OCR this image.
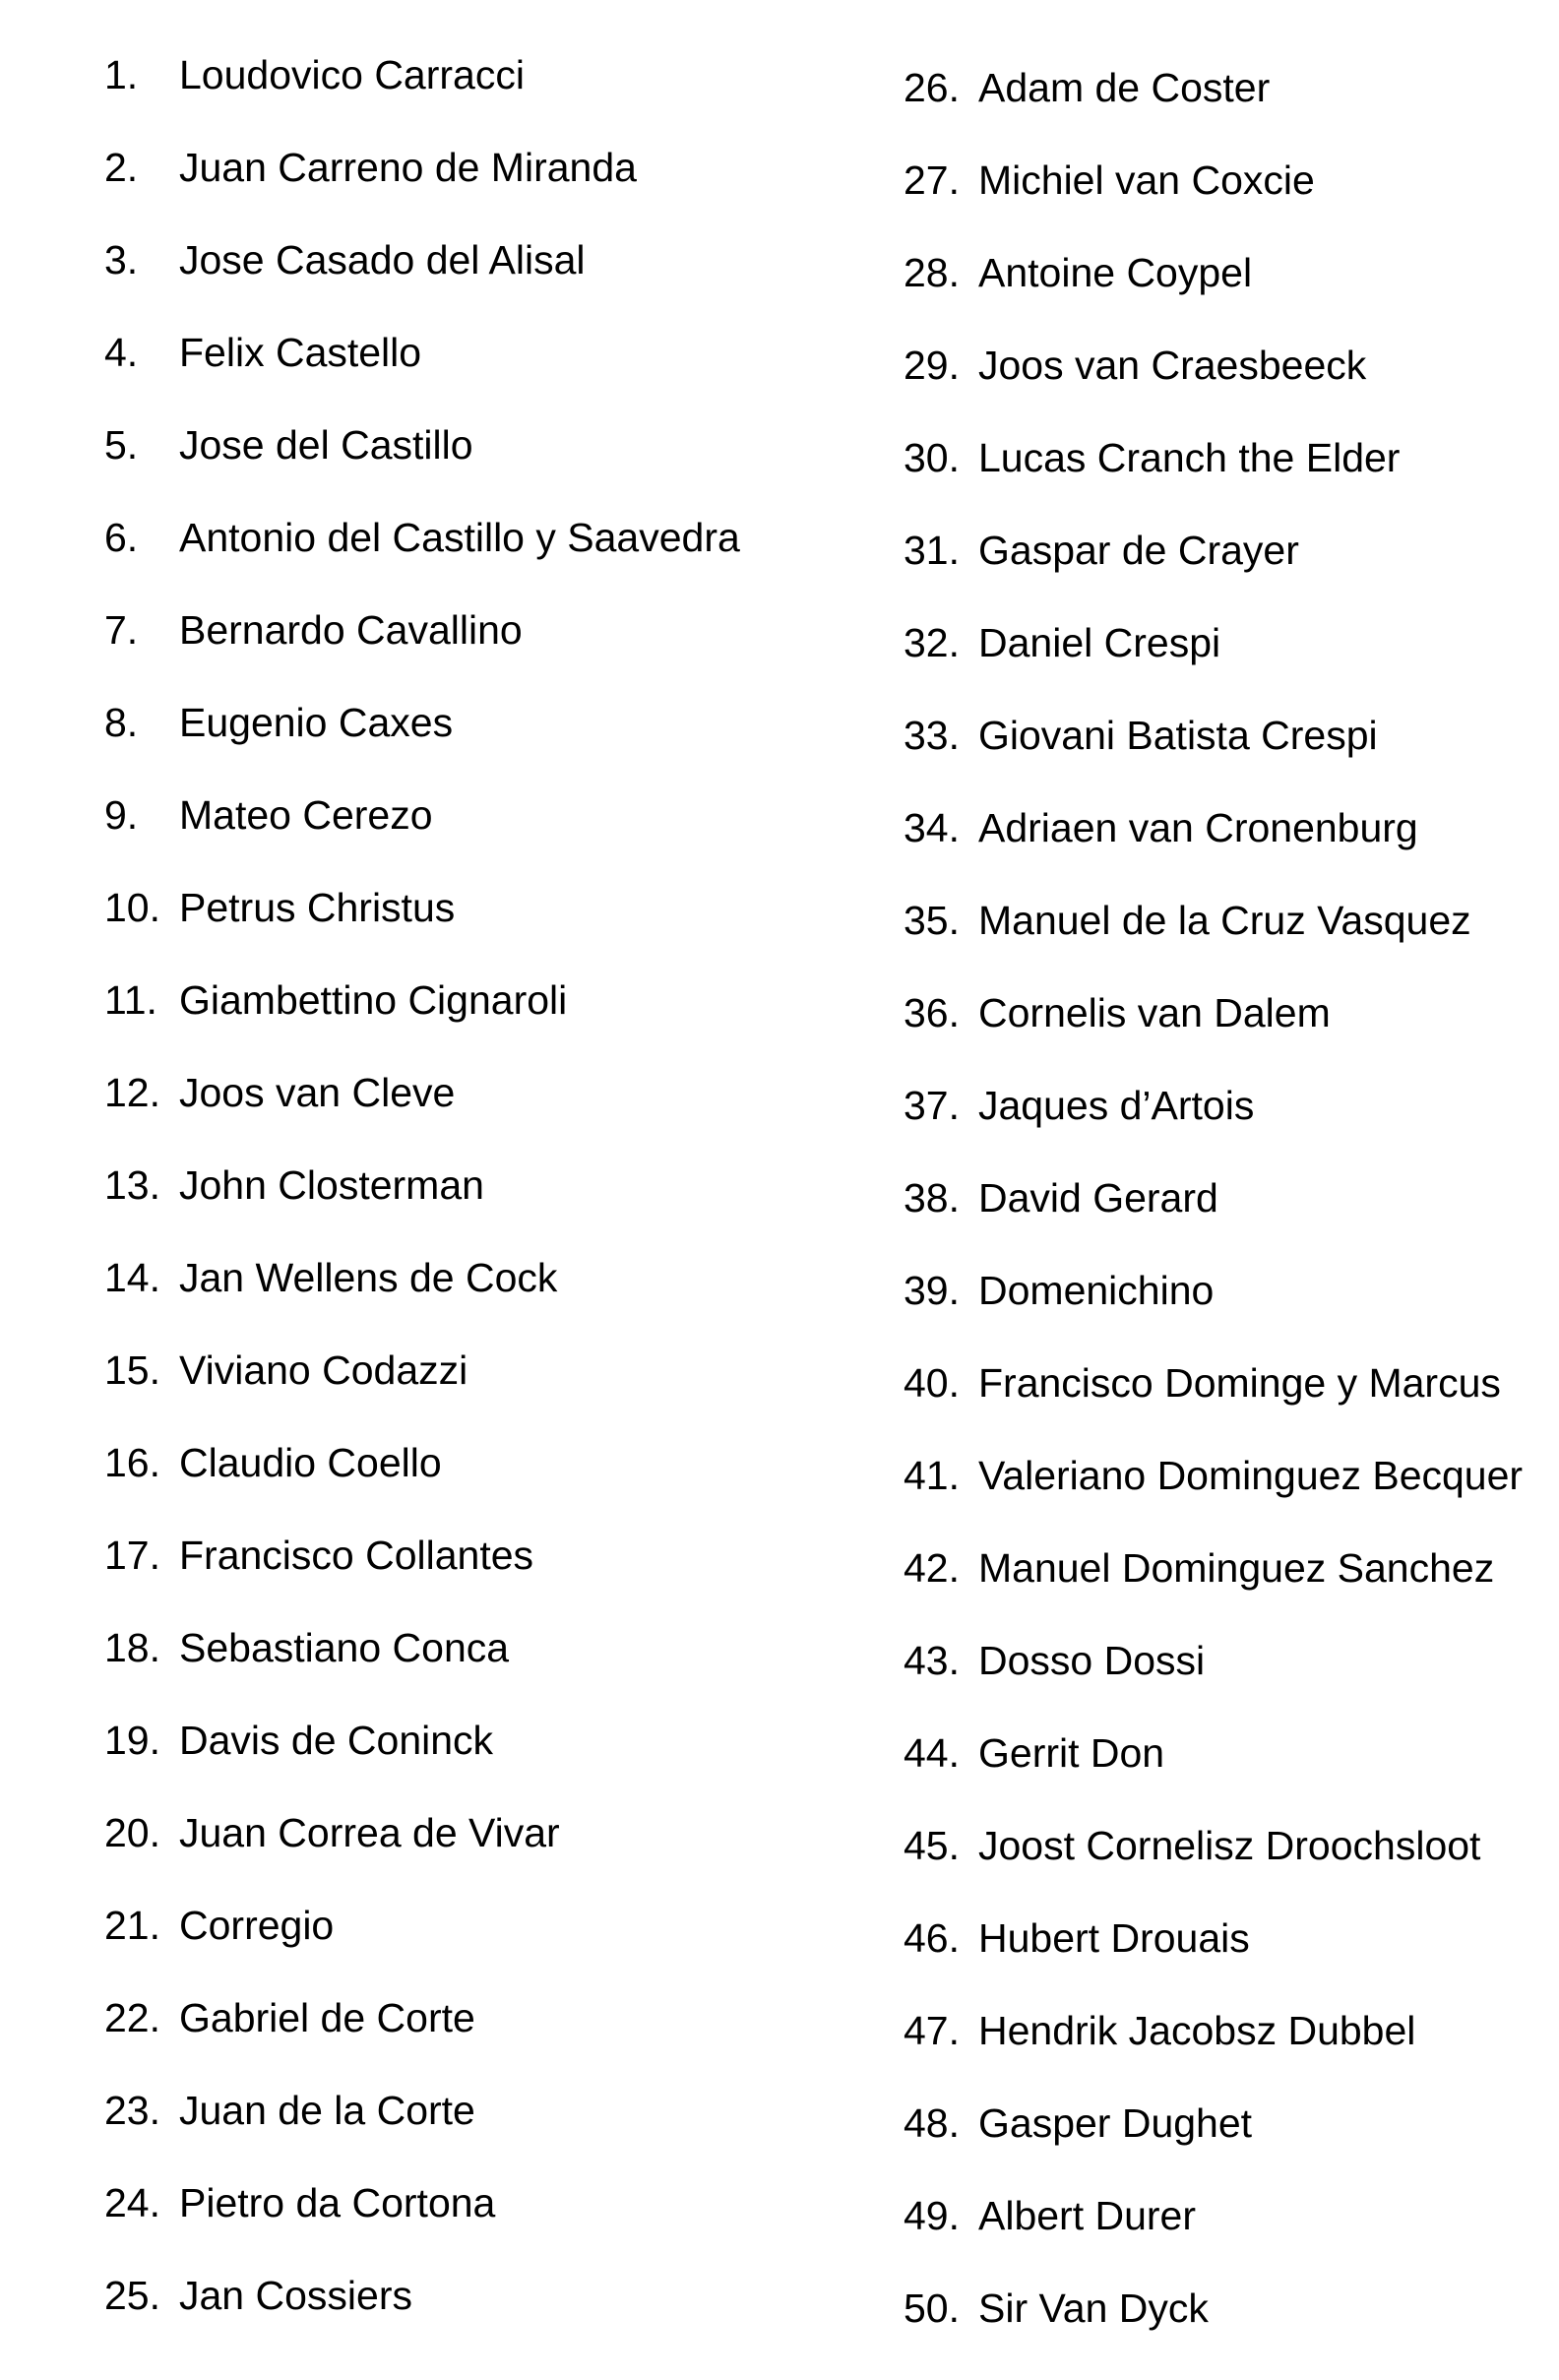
1.	Loudovico Carracci
2.	Juan Carreno de Miranda
3.	Jose Casado del Alisal
4.	Felix Castello
5.	Jose del Castillo
6.	Antonio del Castillo y Saavedra
7.	Bernardo Cavallino
8.	Eugenio Caxes
9.	Mateo Cerezo
10. Petrus Christus
11. Giambettino Cignaroli
12. Joos van Cleve
13. John Closterman
14. Jan Wellens de Cock
15. Viviano Codazzi
16. Claudio Coello
17. Francisco Collantes
18. Sebastiano Conca
19. Davis de Coninck
20. Juan Correa de Vivar
21. Corregio
22. Gabriel de Corte
23. Juan de la Corte
24. Pietro da Cortona
25. Jan Cossiers
26. Adam de Coster
27. Michiel van Coxcie
28. Antoine Coypel
29. Joos van Craesbeeck
30. Lucas Cranch the Elder
31. Gaspar de Crayer
32. Daniel Crespi
33. Giovani Batista Crespi
34. Adriaen van Cronenburg
35. Manuel de la Cruz Vasquez
36. Cornelis van Dalem
37. Jaques d’Artois
38. David Gerard
39. Domenichino
40. Francisco Dominge y Marcus
41. Valeriano Dominguez Becquer
42. Manuel Dominguez Sanchez
43. Dosso Dossi
44. Gerrit Don
45. Joost Cornelisz Droochsloot
46. Hubert Drouais
47. Hendrik Jacobsz Dubbel
48. Gasper Dughet
49. Albert Durer
50. Sir Van Dyck
